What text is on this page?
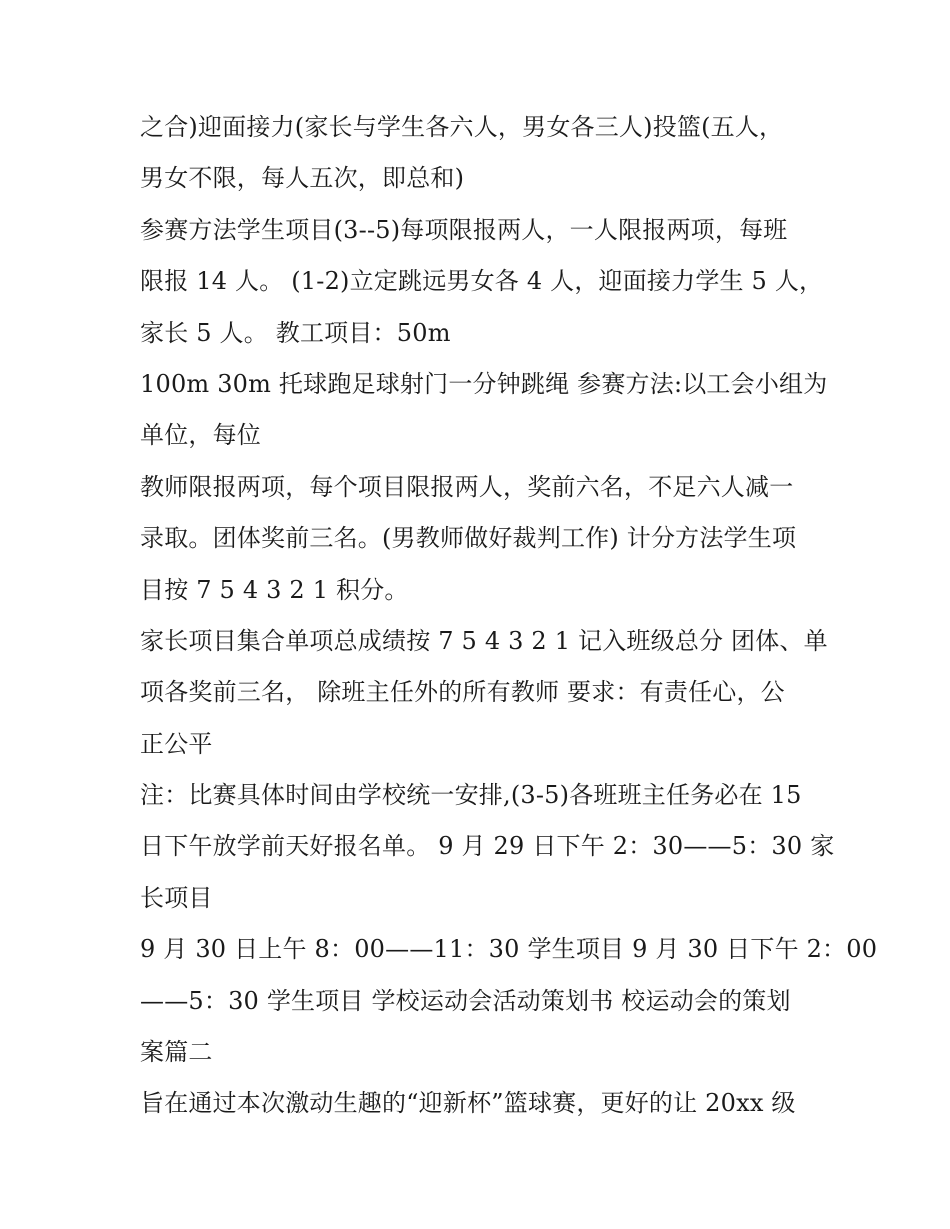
之合)迎面接力(家长与学生各六人，男女各三人)投篮(五人，
男女不限，每人五次，即总和)
参赛方法学生项目(3--5)每项限报两人，一人限报两项，每班
限报 14 人。 (1-2)立定跳远男女各 4 人，迎面接力学生 5 人，
家长 5 人。 教工项目：50m
100m 30m 托球跑足球射门一分钟跳绳 参赛方法:以工会小组为
单位，每位
教师限报两项，每个项目限报两人，奖前六名，不足六人减一
录取。团体奖前三名。(男教师做好裁判工作) 计分方法学生项
目按 7 5 4 3 2 1 积分。
家长项目集合单项总成绩按 7 5 4 3 2 1 记入班级总分 团体、单
项各奖前三名， 除班主任外的所有教师 要求：有责任心，公
正公平
注：比赛具体时间由学校统一安排,(3-5)各班班主任务必在 15
日下午放学前天好报名单。 9 月 29 日下午 2：30——5：30 家
长项目
9 月 30 日上午 8：00——11：30 学生项目 9 月 30 日下午 2：00
——5：30 学生项目 学校运动会活动策划书 校运动会的策划
案篇二
旨在通过本次激动生趣的“迎新杯”篮球赛，更好的让 20xx 级
